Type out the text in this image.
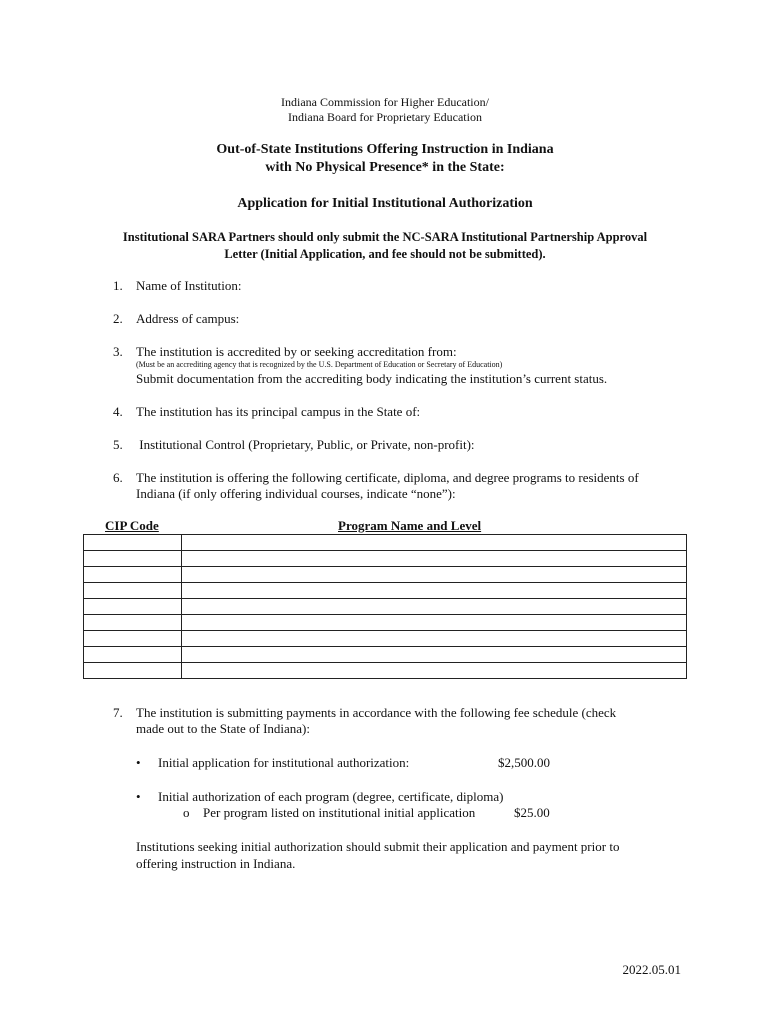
Indiana Commission for Higher Education/
Indiana Board for Proprietary Education
Out-of-State Institutions Offering Instruction in Indiana
with No Physical Presence* in the State:
Application for Initial Institutional Authorization
Institutional SARA Partners should only submit the NC-SARA Institutional Partnership Approval
Letter (Initial Application, and fee should not be submitted).
1. Name of Institution:
2. Address of campus:
3. The institution is accredited by or seeking accreditation from:
(Must be an accrediting agency that is recognized by the U.S. Department of Education or Secretary of Education)
Submit documentation from the accrediting body indicating the institution’s current status.
4. The institution has its principal campus in the State of:
5. Institutional Control (Proprietary, Public, or Private, non-profit):
6. The institution is offering the following certificate, diploma, and degree programs to residents of
Indiana (if only offering individual courses, indicate “none”):
CIP Code	Program Name and Level

7. The institution is submitting payments in accordance with the following fee schedule (check
made out to the State of Indiana):
• Initial application for institutional authorization:	$2,500.00
• Initial authorization of each program (degree, certificate, diploma)
o Per program listed on institutional initial application	$25.00
Institutions seeking initial authorization should submit their application and payment prior to
offering instruction in Indiana.
2022.05.01
